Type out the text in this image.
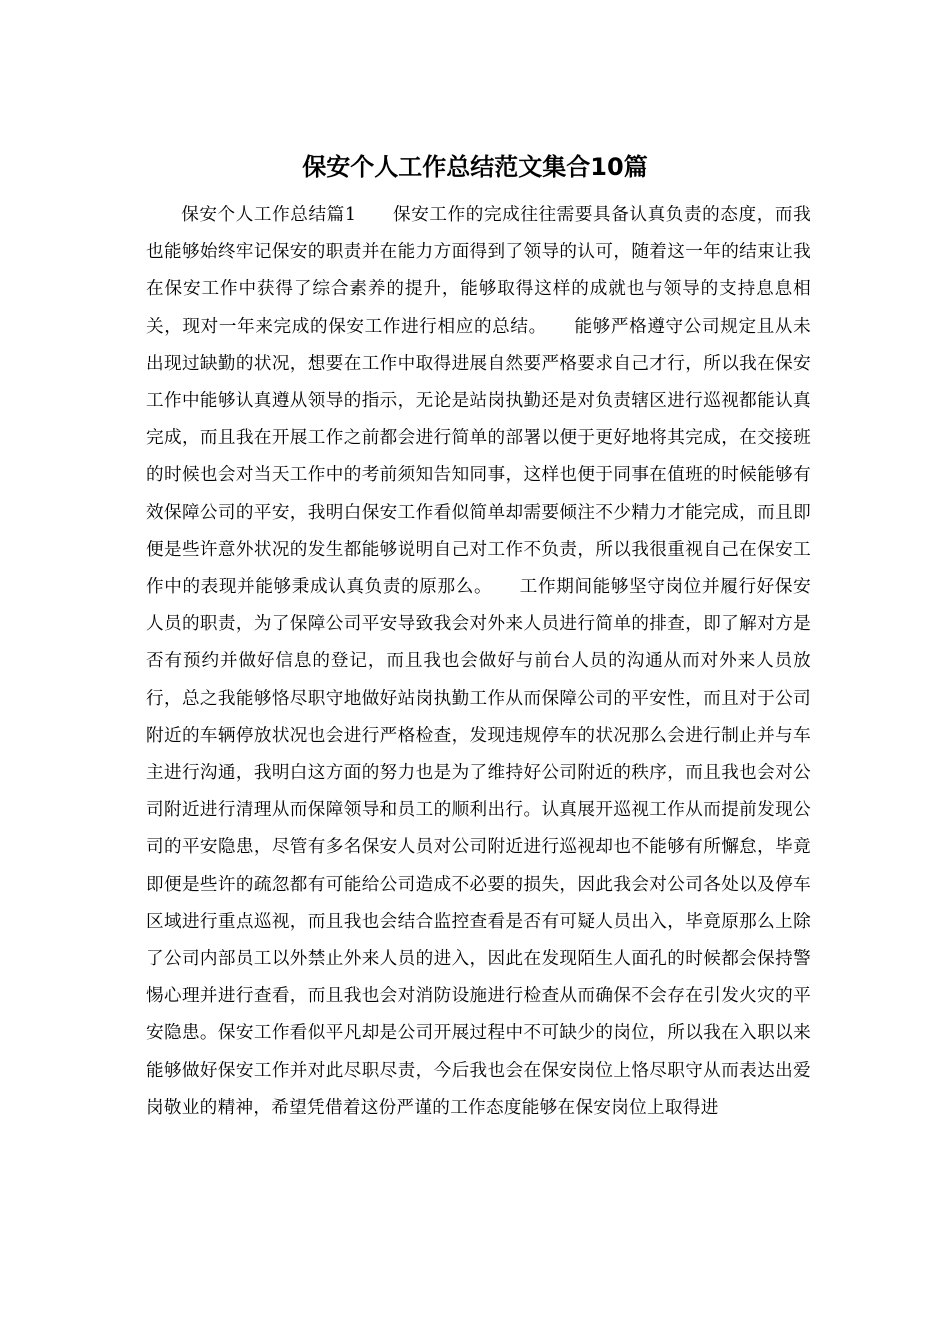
保安个人工作总结范文集合10篇

保安个人工作总结篇1　　保安工作的完成往往需要具备认真负责的态度，而我也能够始终牢记保安的职责并在能力方面得到了领导的认可，随着这一年的结束让我在保安工作中获得了综合素养的提升，能够取得这样的成就也与领导的支持息息相关，现对一年来完成的保安工作进行相应的总结。　　能够严格遵守公司规定且从未出现过缺勤的状况，想要在工作中取得进展自然要严格要求自己才行，所以我在保安工作中能够认真遵从领导的指示，无论是站岗执勤还是对负责辖区进行巡视都能认真完成，而且我在开展工作之前都会进行简单的部署以便于更好地将其完成，在交接班的时候也会对当天工作中的考前须知告知同事，这样也便于同事在值班的时候能够有效保障公司的平安，我明白保安工作看似简单却需要倾注不少精力才能完成，而且即便是些许意外状况的发生都能够说明自己对工作不负责，所以我很重视自己在保安工作中的表现并能够秉成认真负责的原那么。　　工作期间能够坚守岗位并履行好保安人员的职责，为了保障公司平安导致我会对外来人员进行简单的排查，即了解对方是否有预约并做好信息的登记，而且我也会做好与前台人员的沟通从而对外来人员放行，总之我能够恪尽职守地做好站岗执勤工作从而保障公司的平安性，而且对于公司附近的车辆停放状况也会进行严格检查，发现违规停车的状况那么会进行制止并与车主进行沟通，我明白这方面的努力也是为了维持好公司附近的秩序，而且我也会对公司附近进行清理从而保障领导和员工的顺利出行。认真展开巡视工作从而提前发现公司的平安隐患，尽管有多名保安人员对公司附近进行巡视却也不能够有所懈怠，毕竟即便是些许的疏忽都有可能给公司造成不必要的损失，因此我会对公司各处以及停车区域进行重点巡视，而且我也会结合监控查看是否有可疑人员出入，毕竟原那么上除了公司内部员工以外禁止外来人员的进入，因此在发现陌生人面孔的时候都会保持警惕心理并进行查看，而且我也会对消防设施进行检查从而确保不会存在引发火灾的平安隐患。保安工作看似平凡却是公司开展过程中不可缺少的岗位，所以我在入职以来能够做好保安工作并对此尽职尽责，今后我也会在保安岗位上恪尽职守从而表达出爱岗敬业的精神，希望凭借着这份严谨的工作态度能够在保安岗位上取得进
